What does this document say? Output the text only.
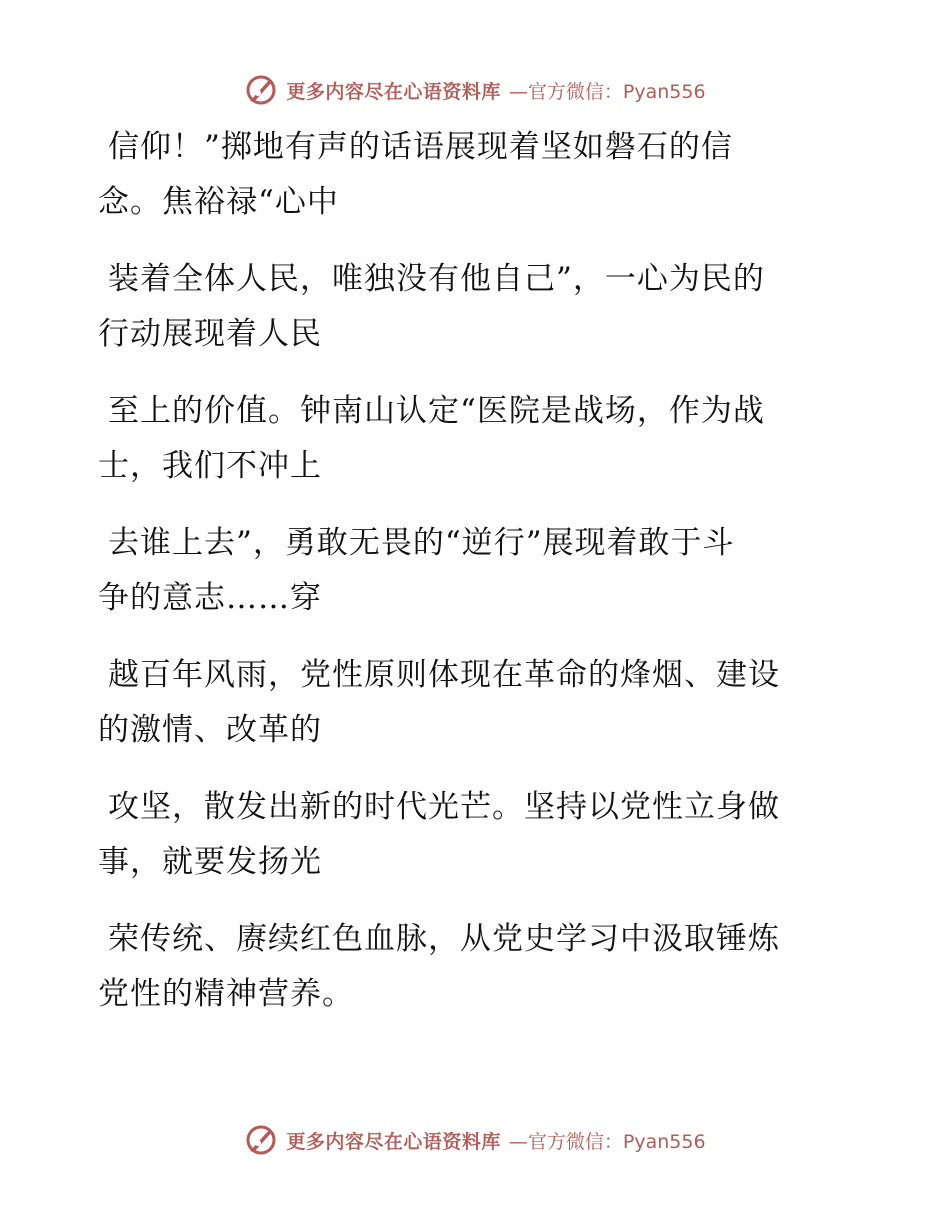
更多内容尽在心语资料库 —官方微信：Pyan556
信仰！”掷地有声的话语展现着坚如磐石的信
念。焦裕禄“心中
装着全体人民，唯独没有他自己”，一心为民的
行动展现着人民
至上的价值。钟南山认定“医院是战场，作为战
士，我们不冲上
去谁上去”，勇敢无畏的“逆行”展现着敢于斗
争的意志……穿
越百年风雨，党性原则体现在革命的烽烟、建设
的激情、改革的
攻坚，散发出新的时代光芒。坚持以党性立身做
事，就要发扬光
荣传统、赓续红色血脉，从党史学习中汲取锤炼
党性的精神营养。
更多内容尽在心语资料库 —官方微信：Pyan556
